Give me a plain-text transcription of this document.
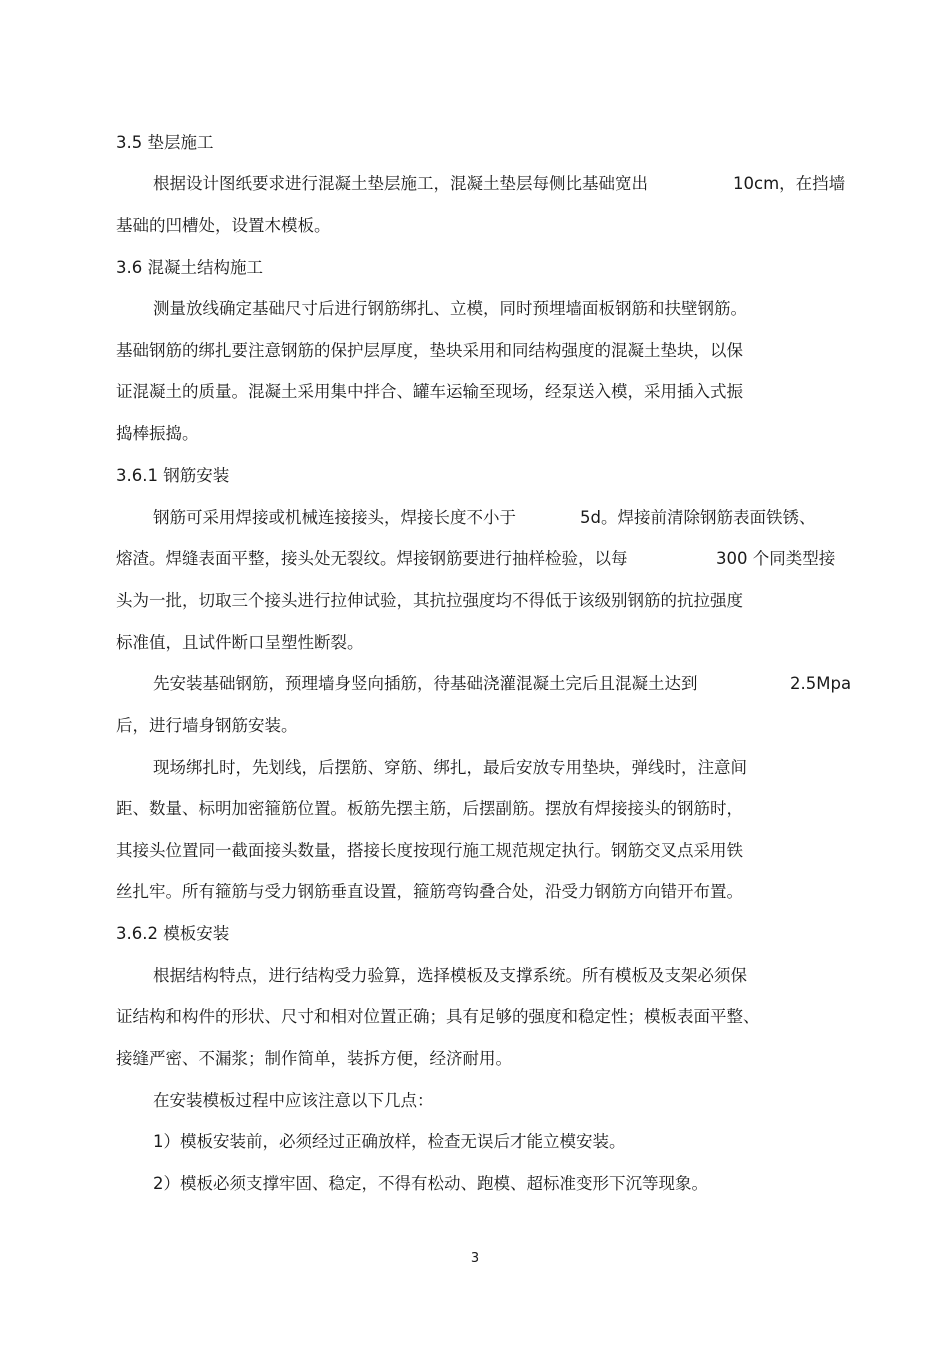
3.5 垫层施工
根据设计图纸要求进行混凝土垫层施工，混凝土垫层每侧比基础宽出	10cm，在挡墙
基础的凹槽处，设置木模板。
3.6 混凝土结构施工
测量放线确定基础尺寸后进行钢筋绑扎、立模，同时预埋墙面板钢筋和扶壁钢筋。
基础钢筋的绑扎要注意钢筋的保护层厚度，垫块采用和同结构强度的混凝土垫块，以保
证混凝土的质量。混凝土采用集中拌合、罐车运输至现场，经泵送入模，采用插入式振
捣棒振捣。
3.6.1 钢筋安装
钢筋可采用焊接或机械连接接头，焊接长度不小于	5d。焊接前清除钢筋表面铁锈、
熔渣。焊缝表面平整，接头处无裂纹。焊接钢筋要进行抽样检验，以每	300 个同类型接
头为一批，切取三个接头进行拉伸试验，其抗拉强度均不得低于该级别钢筋的抗拉强度
标准值，且试件断口呈塑性断裂。
先安装基础钢筋，预理墙身竖向插筋，待基础浇灌混凝土完后且混凝土达到	2.5Mpa
后，进行墙身钢筋安装。
现场绑扎时，先划线，后摆筋、穿筋、绑扎，最后安放专用垫块，弹线时，注意间
距、数量、标明加密箍筋位置。板筋先摆主筋，后摆副筋。摆放有焊接接头的钢筋时，
其接头位置同一截面接头数量，搭接长度按现行施工规范规定执行。钢筋交叉点采用铁
丝扎牢。所有箍筋与受力钢筋垂直设置，箍筋弯钩叠合处，沿受力钢筋方向错开布置。
3.6.2 模板安装
根据结构特点，进行结构受力验算，选择模板及支撑系统。所有模板及支架必须保
证结构和构件的形状、尺寸和相对位置正确；具有足够的强度和稳定性；模板表面平整、
接缝严密、不漏浆；制作简单，装拆方便，经济耐用。
在安装模板过程中应该注意以下几点：
1）模板安装前，必须经过正确放样，检查无误后才能立模安装。
2）模板必须支撑牢固、稳定，不得有松动、跑模、超标准变形下沉等现象。
3
